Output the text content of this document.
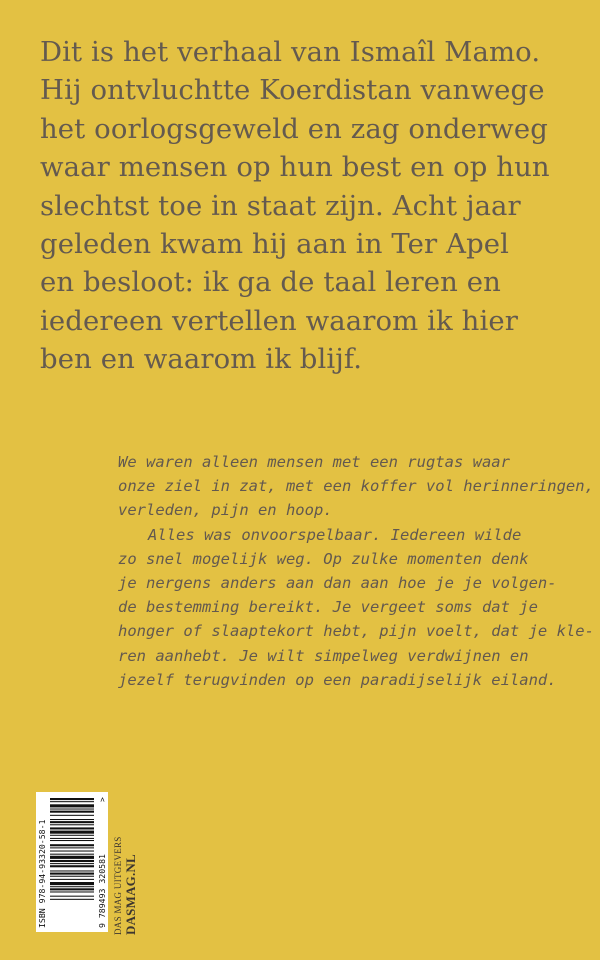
Dit is het verhaal van Ismaîl Mamo.
Hij ontvluchtte Koerdistan vanwege
het oorlogsgeweld en zag onderweg
waar mensen op hun best en op hun
slechtst toe in staat zijn. Acht jaar
geleden kwam hij aan in Ter Apel
en besloot: ik ga de taal leren en
iedereen vertellen waarom ik hier
ben en waarom ik blijf.
We waren alleen mensen met een rugtas waar
onze ziel in zat, met een koffer vol herinneringen,
verleden, pijn en hoop.
Alles was onvoorspelbaar. Iedereen wilde
zo snel mogelijk weg. Op zulke momenten denk
je nergens anders aan dan aan hoe je je volgen-
de bestemming bereikt. Je vergeet soms dat je
honger of slaaptekort hebt, pijn voelt, dat je kle-
ren aanhebt. Je wilt simpelweg verdwijnen en
jezelf terugvinden op een paradijselijk eiland.
ISBN 978-94-93320-58-1	9 789493 320581
>
DAS MAG UITGEVERS DASMAG.NL
